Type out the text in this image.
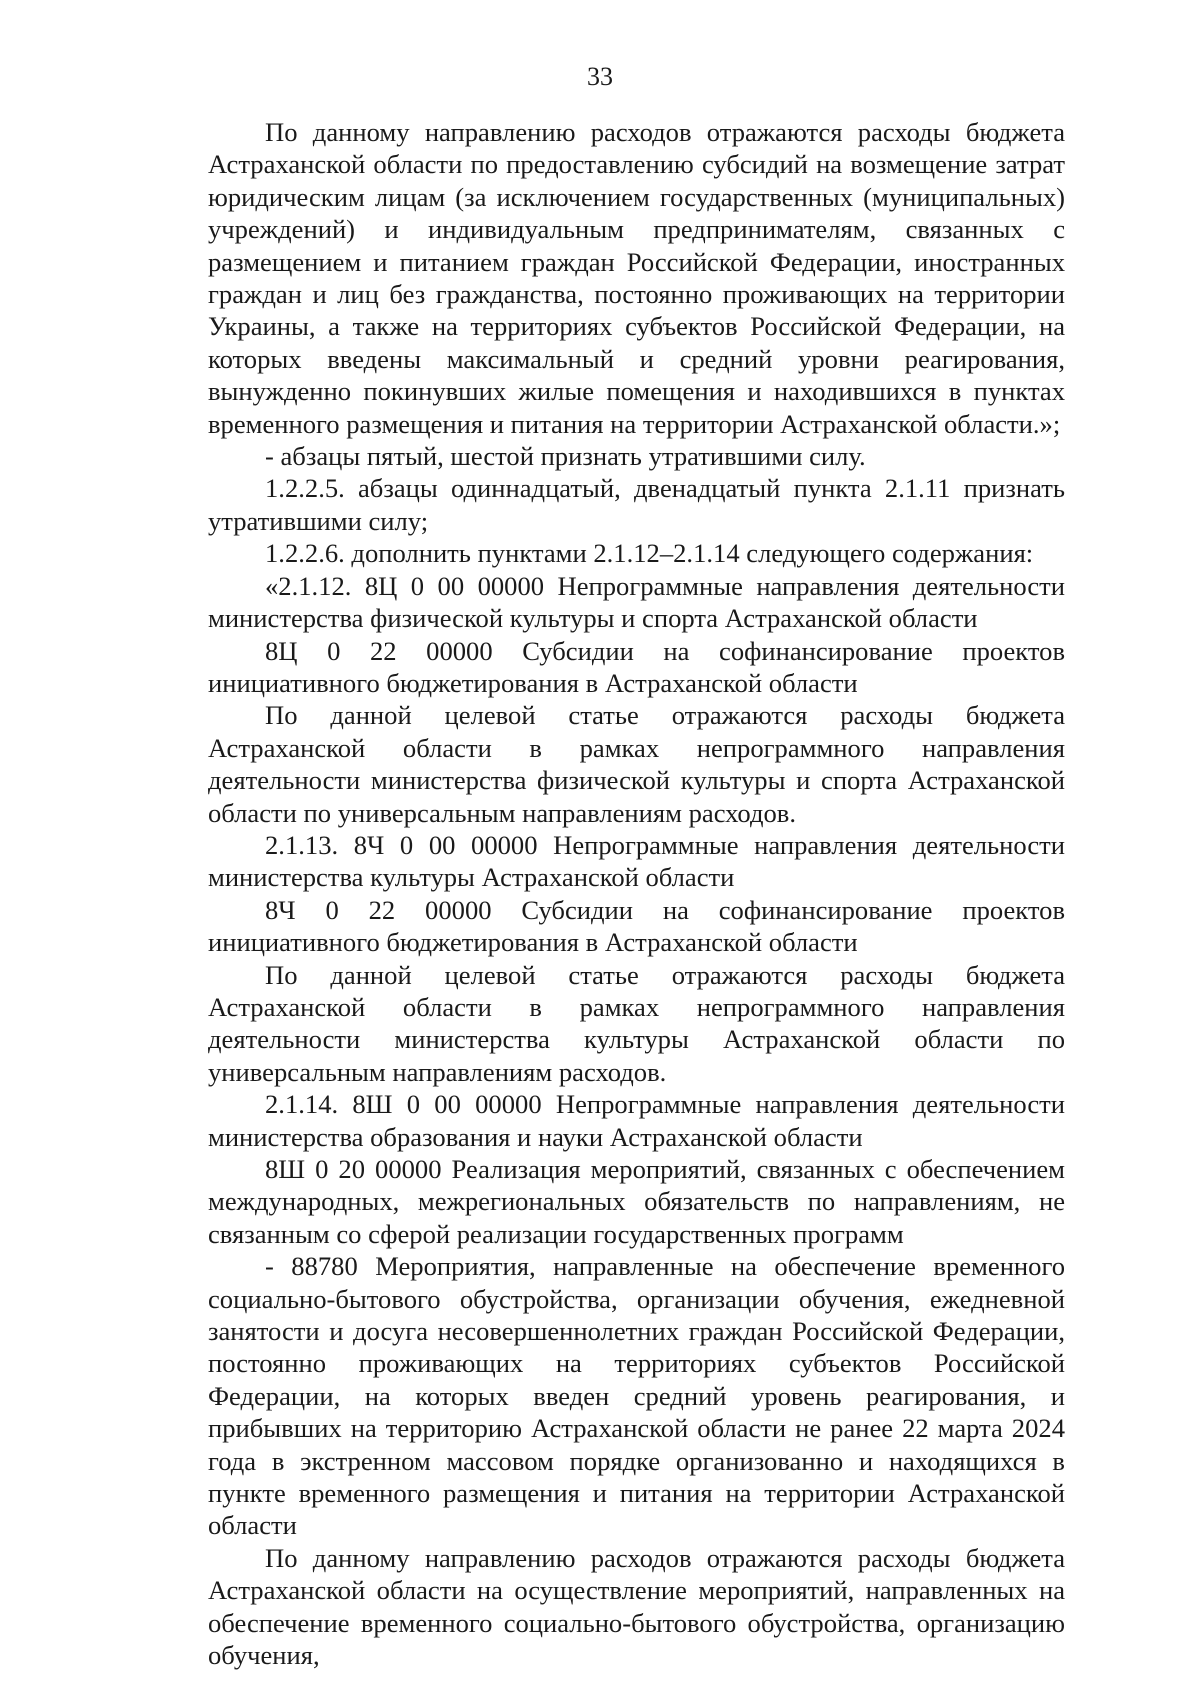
33

По данному направлению расходов отражаются расходы бюджета Астраханской области по предоставлению субсидий на возмещение затрат юридическим лицам (за исключением государственных (муниципальных) учреждений) и индивидуальным предпринимателям, связанных с размещением и питанием граждан Российской Федерации, иностранных граждан и лиц без гражданства, постоянно проживающих на территории Украины, а также на территориях субъектов Российской Федерации, на которых введены максимальный и средний уровни реагирования, вынужденно покинувших жилые помещения и находившихся в пунктах временного размещения и питания на территории Астраханской области.»;

- абзацы пятый, шестой признать утратившими силу.

1.2.2.5. абзацы одиннадцатый, двенадцатый пункта 2.1.11 признать утратившими силу;

1.2.2.6. дополнить пунктами 2.1.12–2.1.14 следующего содержания:

«2.1.12. 8Ц 0 00 00000 Непрограммные направления деятельности министерства физической культуры и спорта Астраханской области

8Ц 0 22 00000 Субсидии на софинансирование проектов инициативного бюджетирования в Астраханской области

По данной целевой статье отражаются расходы бюджета Астраханской области в рамках непрограммного направления деятельности министерства физической культуры и спорта Астраханской области по универсальным направлениям расходов.

2.1.13. 8Ч 0 00 00000 Непрограммные направления деятельности министерства культуры Астраханской области

8Ч 0 22 00000 Субсидии на софинансирование проектов инициативного бюджетирования в Астраханской области

По данной целевой статье отражаются расходы бюджета Астраханской области в рамках непрограммного направления деятельности министерства культуры Астраханской области по универсальным направлениям расходов.

2.1.14. 8Ш 0 00 00000 Непрограммные направления деятельности министерства образования и науки Астраханской области

8Ш 0 20 00000 Реализация мероприятий, связанных с обеспечением международных, межрегиональных обязательств по направлениям, не связанным со сферой реализации государственных программ

- 88780 Мероприятия, направленные на обеспечение временного социально-бытового обустройства, организации обучения, ежедневной занятости и досуга несовершеннолетних граждан Российской Федерации, постоянно проживающих на территориях субъектов Российской Федерации, на которых введен средний уровень реагирования, и прибывших на территорию Астраханской области не ранее 22 марта 2024 года в экстренном массовом порядке организованно и находящихся в пункте временного размещения и питания на территории Астраханской области

По данному направлению расходов отражаются расходы бюджета Астраханской области на осуществление мероприятий, направленных на обеспечение временного социально-бытового обустройства, организацию обучения,
